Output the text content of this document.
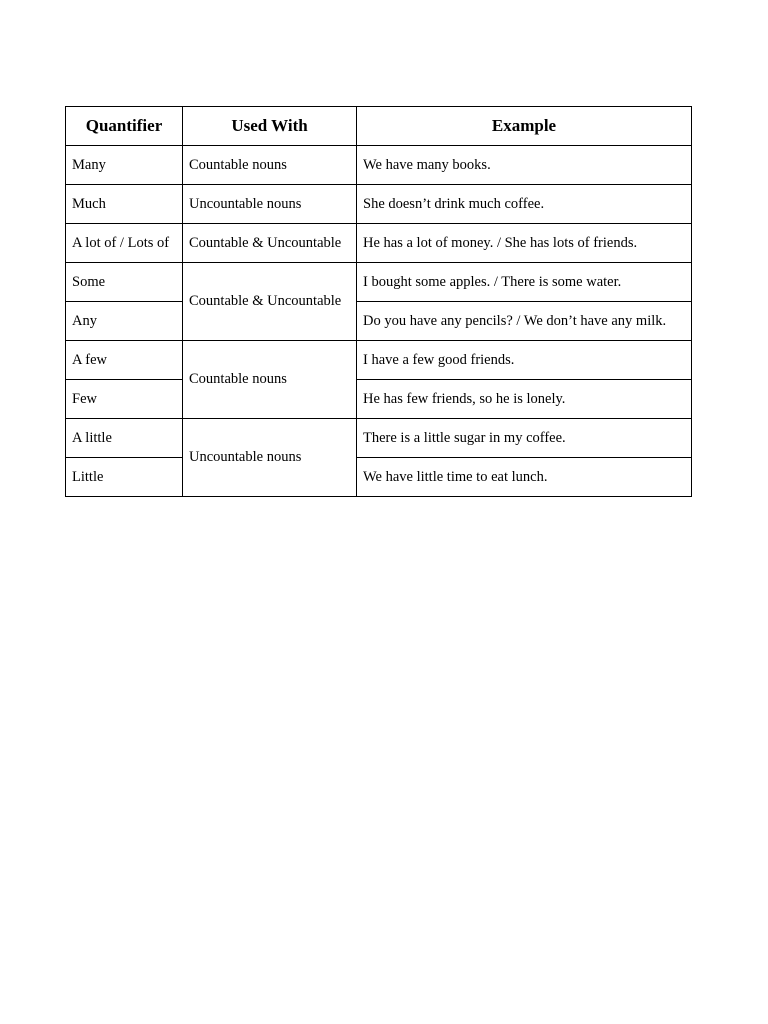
Quantifier	Used With	Example
Many	Countable nouns	We have many books.
Much	Uncountable nouns	She doesn’t drink much coffee.
A lot of / Lots of	Countable & Uncountable	He has a lot of money. / She has lots of friends.
Some	Countable & Uncountable	I bought some apples. / There is some water.
Any		Do you have any pencils? / We don’t have any milk.
A few	Countable nouns	I have a few good friends.
Few		He has few friends, so he is lonely.
A little	Uncountable nouns	There is a little sugar in my coffee.
Little		We have little time to eat lunch.
